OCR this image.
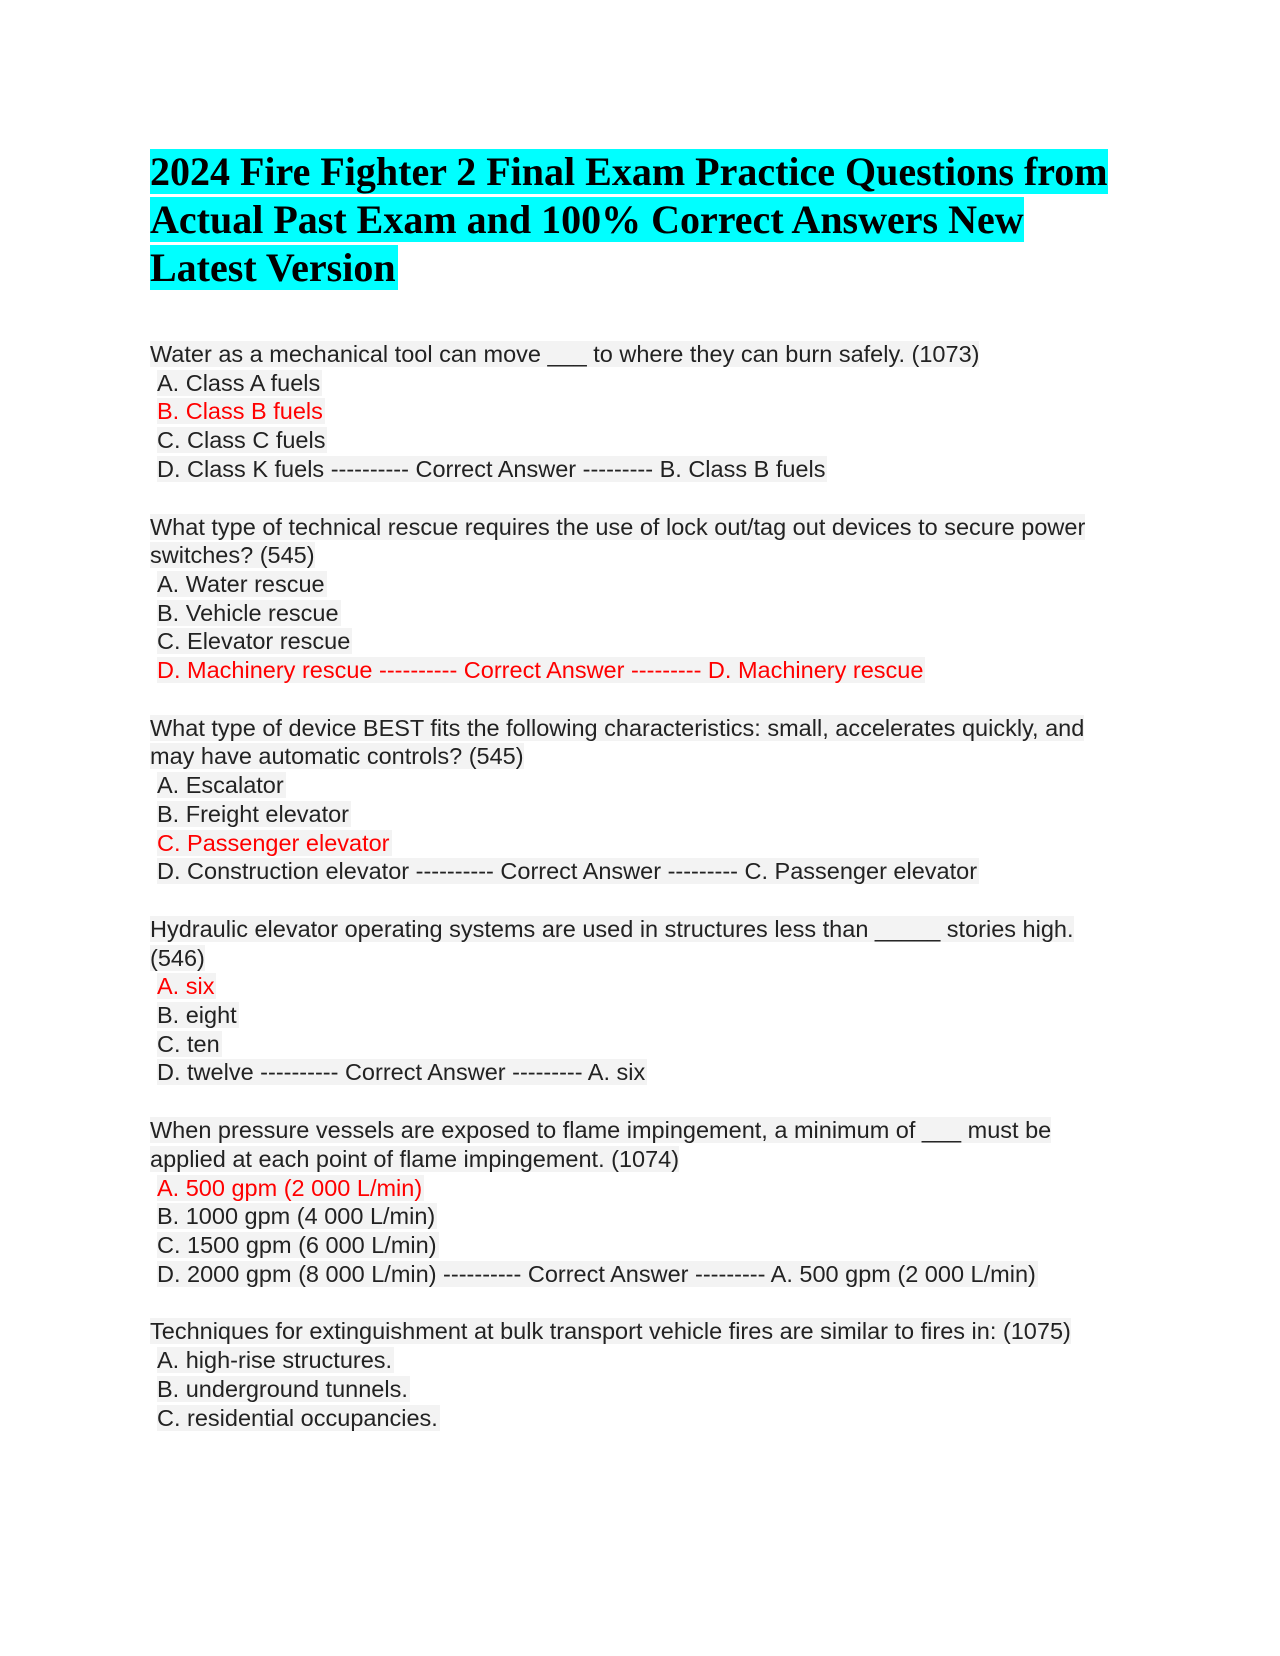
2024 Fire Fighter 2 Final Exam Practice Questions from Actual Past Exam and 100% Correct Answers New Latest Version
Water as a mechanical tool can move ___ to where they can burn safely. (1073)
A. Class A fuels
B. Class B fuels
C. Class C fuels
D. Class K fuels ---------- Correct Answer --------- B. Class B fuels
What type of technical rescue requires the use of lock out/tag out devices to secure power switches? (545)
A. Water rescue
B. Vehicle rescue
C. Elevator rescue
D. Machinery rescue ---------- Correct Answer --------- D. Machinery rescue
What type of device BEST fits the following characteristics: small, accelerates quickly, and may have automatic controls? (545)
A. Escalator
B. Freight elevator
C. Passenger elevator
D. Construction elevator ---------- Correct Answer --------- C. Passenger elevator
Hydraulic elevator operating systems are used in structures less than _____ stories high. (546)
A. six
B. eight
C. ten
D. twelve ---------- Correct Answer --------- A. six
When pressure vessels are exposed to flame impingement, a minimum of ___ must be applied at each point of flame impingement. (1074)
A. 500 gpm (2 000 L/min)
B. 1000 gpm (4 000 L/min)
C. 1500 gpm (6 000 L/min)
D. 2000 gpm (8 000 L/min) ---------- Correct Answer --------- A. 500 gpm (2 000 L/min)
Techniques for extinguishment at bulk transport vehicle fires are similar to fires in: (1075)
A. high-rise structures.
B. underground tunnels.
C. residential occupancies.
